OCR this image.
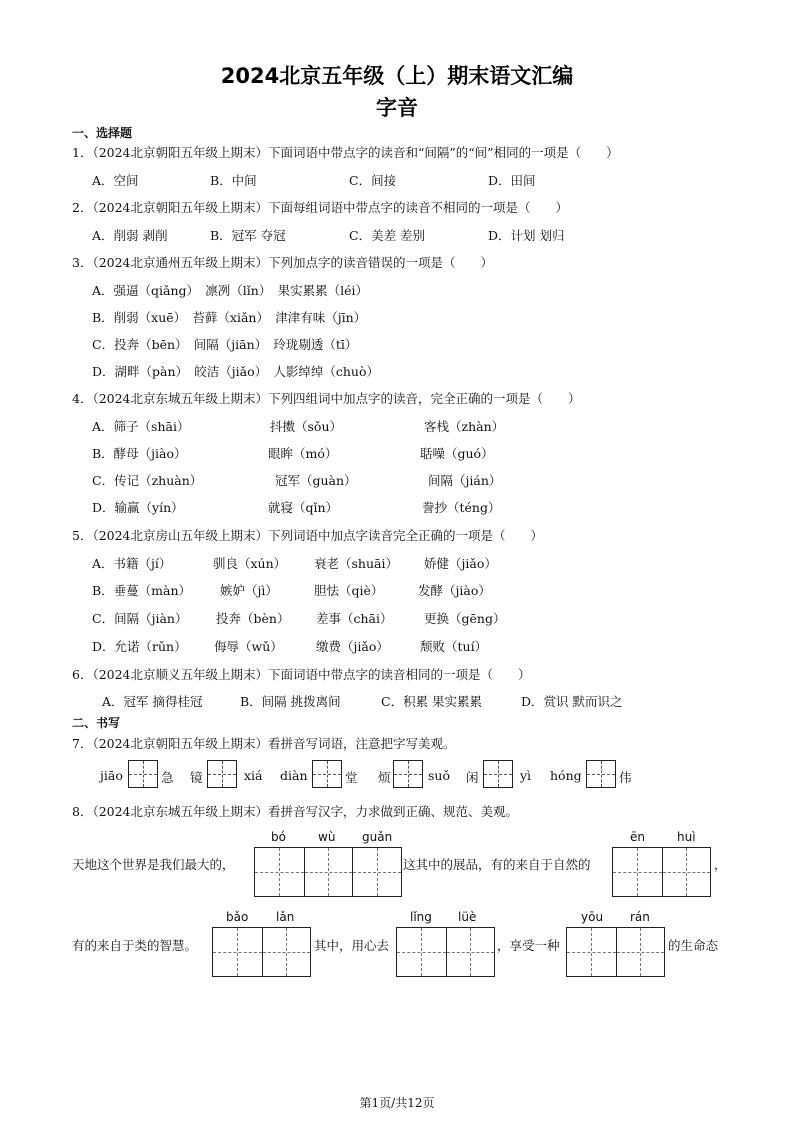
2024北京五年级（上）期末语文汇编
字音
一、选择题
1．（2024北京朝阳五年级上期末）下面词语中带点字的读音和“间隔”的“间”相同的一项是（　　）
A．空间	B．中间	C．间接	D．田间
2．（2024北京朝阳五年级上期末）下面每组词语中带点字的读音不相同的一项是（　　）
A．削弱 剥削	B．冠军 夺冠	C．美差 差别	D．计划 划归
3．（2024北京通州五年级上期末）下列加点字的读音错误的一项是（　　）
A．强逼（qiǎng）　凛冽（lǐn）　果实累累（léi）
B．削弱（xuē）　苔藓（xiǎn）　津津有味（jīn）
C．投奔（bēn）　间隔（jiān）　玲珑剔透（tī）
D．湖畔（pàn）　皎洁（jiǎo）　人影绰绰（chuò）
4．（2024北京东城五年级上期末）下列四组词中加点字的读音，完全正确的一项是（　　）
A．筛子（shāi）	抖擞（sǒu）	客栈（zhàn）
B．酵母（jiào）	眼眸（mó）	聒噪（guó）
C．传记（zhuàn）	冠军（guàn）	间隔（jián）
D．输赢（yín）	就寝（qǐn）	誊抄（téng）
5．（2024北京房山五年级上期末）下列词语中加点字读音完全正确的一项是（　　）
A．书籍（jí）	驯良（xún） 衰老（shuāi） 娇健（jiǎo）
B．垂蔓（màn） 嫉妒（jì）	胆怯（qiè）	发酵（jiào）
C．间隔（jiàn） 投奔（bèn） 差事（chāi）	更换（gēng）
D．允诺（rǔn） 侮辱（wǔ）	缴费（jiǎo） 颓败（tuí）
6．（2024北京顺义五年级上期末）下面词语中带点字的读音相同的一项是（　　）
A．冠军 摘得桂冠	B．间隔 挑拨离间	C．积累 果实累累	D．赏识 默而识之
二、书写
7．（2024北京朝阳五年级上期末）看拼音写词语，注意把字写美观。
jiāo	急 镜	xiá diàn	堂 烦	suǒ 闲	yì hóng	伟
8．（2024北京东城五年级上期末）看拼音写汉字，力求做到正确、规范、美观。
bó	wù guǎn
天地这个世界是我们最大的，	这其中的展品，有的来自于自然的
ēn	huì
，
bǎo lǎn
有的来自于类的智慧。	其中，用心去
lǐng lüè
，享受一种
yōu rán
的生命态
第1页/共12页
